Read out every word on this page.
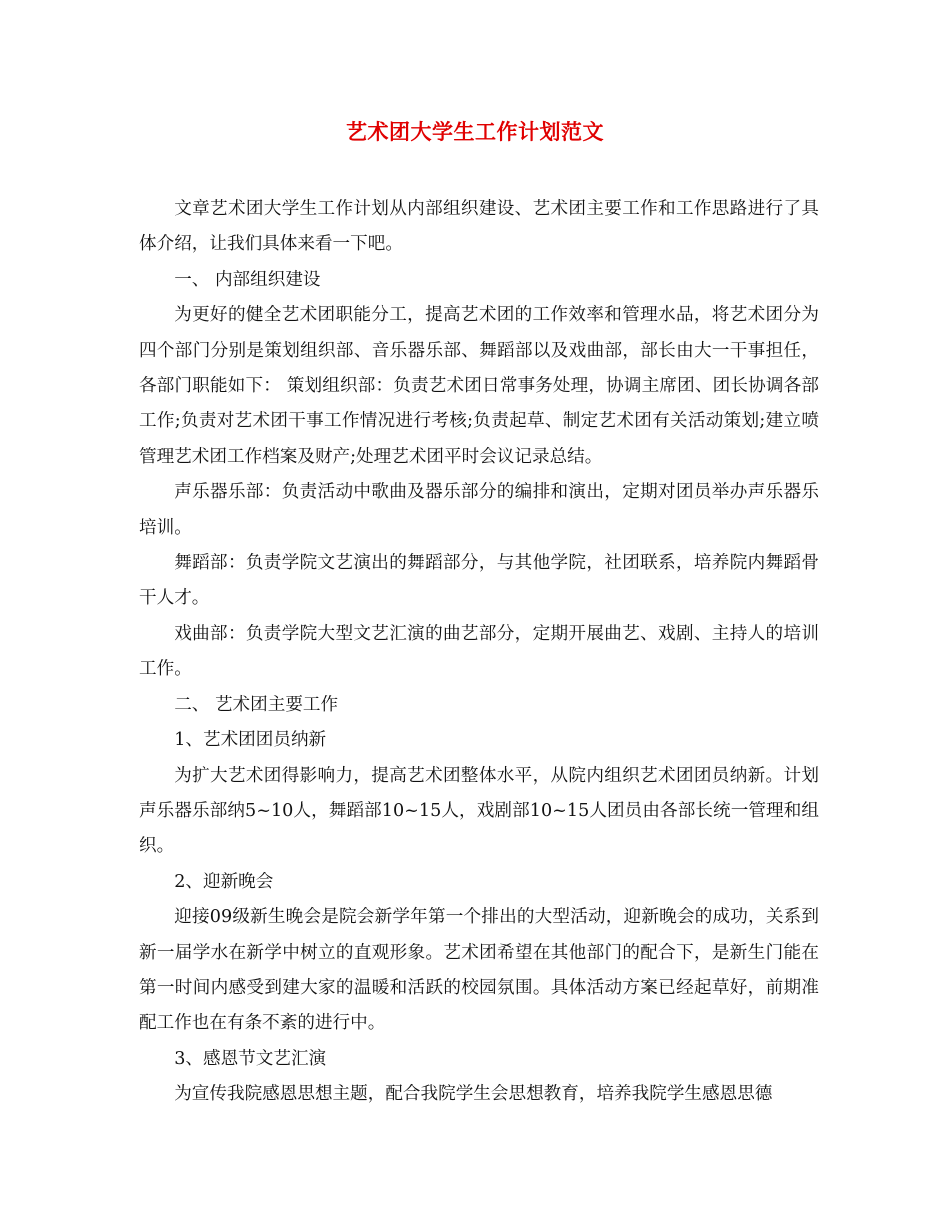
艺术团大学生工作计划范文

文章艺术团大学生工作计划从内部组织建设、艺术团主要工作和工作思路进行了具体介绍，让我们具体来看一下吧。

一、 内部组织建设

为更好的健全艺术团职能分工，提高艺术团的工作效率和管理水品，将艺术团分为四个部门分别是策划组织部、音乐器乐部、舞蹈部以及戏曲部，部长由大一干事担任，各部门职能如下： 策划组织部：负责艺术团日常事务处理，协调主席团、团长协调各部工作;负责对艺术团干事工作情况进行考核;负责起草、制定艺术团有关活动策划;建立喷管理艺术团工作档案及财产;处理艺术团平时会议记录总结。

声乐器乐部：负责活动中歌曲及器乐部分的编排和演出，定期对团员举办声乐器乐培训。

舞蹈部：负责学院文艺演出的舞蹈部分，与其他学院，社团联系，培养院内舞蹈骨干人才。

戏曲部：负责学院大型文艺汇演的曲艺部分，定期开展曲艺、戏剧、主持人的培训工作。

二、 艺术团主要工作

1、艺术团团员纳新

为扩大艺术团得影响力，提高艺术团整体水平，从院内组织艺术团团员纳新。计划声乐器乐部纳5~10人，舞蹈部10~15人，戏剧部10~15人团员由各部长统一管理和组织。

2、迎新晚会

迎接09级新生晚会是院会新学年第一个排出的大型活动，迎新晚会的成功，关系到新一届学水在新学中树立的直观形象。艺术团希望在其他部门的配合下，是新生门能在第一时间内感受到建大家的温暖和活跃的校园氛围。具体活动方案已经起草好，前期准配工作也在有条不紊的进行中。

3、感恩节文艺汇演

为宣传我院感恩思想主题，配合我院学生会思想教育，培养我院学生感恩思德
